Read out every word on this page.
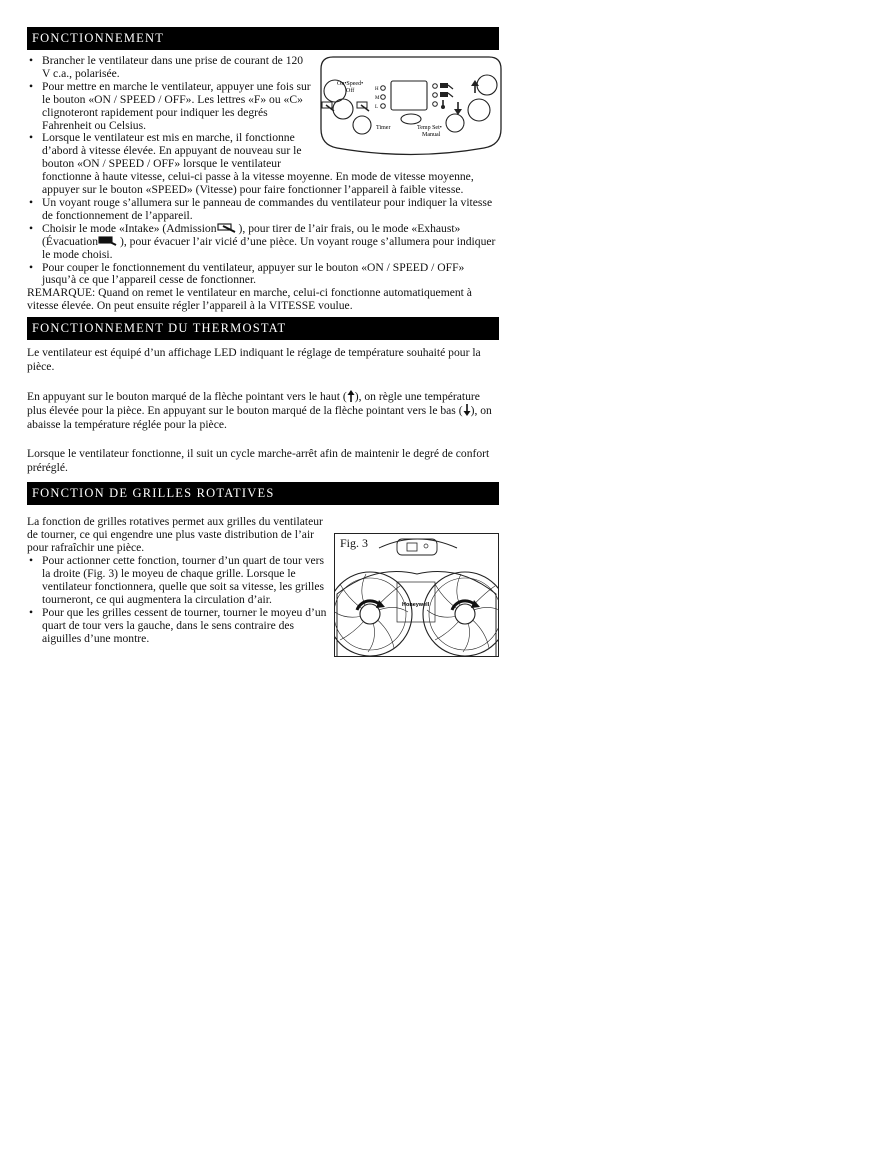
FONCTIONNEMENT
On•Speed•
Off	H
M
L
Timer	Temp Set•
Manual
• Brancher le ventilateur dans une prise de courant de 120 V c.a., polarisée.
• Pour mettre en marche le ventilateur, appuyer une fois sur le bouton «ON / SPEED / OFF». Les lettres «F» ou «C» clignoteront rapidement pour indiquer les degrés Fahrenheit ou Celsius.
• Lorsque le ventilateur est mis en marche, il fonctionne d’abord à vitesse élevée. En appuyant de nouveau sur le bouton «ON / SPEED / OFF» lorsque le ventilateur fonctionne à haute vitesse, celui-ci passe à la vitesse moyenne. En mode de vitesse moyenne, appuyer sur le bouton «SPEED» (Vitesse) pour faire fonctionner l’appareil à faible vitesse.
• Un voyant rouge s’allumera sur le panneau de commandes du ventilateur pour indiquer la vitesse de fonctionnement de l’appareil.
• Choisir le mode «Intake» (Admission ), pour tirer de l’air frais, ou le mode «Exhaust» (Évacuation ), pour évacuer l’air vicié d’une pièce. Un voyant rouge s’allumera pour indiquer le mode choisi.
• Pour couper le fonctionnement du ventilateur, appuyer sur le bouton «ON / SPEED / OFF» jusqu’à ce que l’appareil cesse de fonctionner.

REMARQUE: Quand on remet le ventilateur en marche, celui-ci fonctionne automatiquement à vitesse élevée. On peut ensuite régler l’appareil à la VITESSE voulue.

FONCTIONNEMENT DU THERMOSTAT

Le ventilateur est équipé d’un affichage LED indiquant le réglage de température souhaité pour la pièce.

En appuyant sur le bouton marqué de la flèche pointant vers le haut ( ), on règle une température plus élevée pour la pièce. En appuyant sur le bouton marqué de la flèche pointant vers le bas ( ), on abaisse la température réglée pour la pièce.

Lorsque le ventilateur fonctionne, il suit un cycle marche-arrêt afin de maintenir le degré de confort préréglé.

FONCTION DE GRILLES ROTATIVES

La fonction de grilles rotatives permet aux grilles du ventilateur de tourner, ce qui engendre une plus vaste distribution de l’air pour rafraîchir une pièce.

• Pour actionner cette fonction, tourner d’un quart de tour vers la droite (Fig. 3) le moyeu de chaque grille. Lorsque le ventilateur fonctionnera, quelle que soit sa vitesse, les grilles tourneront, ce qui augmentera la circulation d’air.
• Pour que les grilles cessent de tourner, tourner le moyeu d’un quart de tour vers la gauche, dans le sens contraire des aiguilles d’une montre.
Honeywell
Fig. 3
